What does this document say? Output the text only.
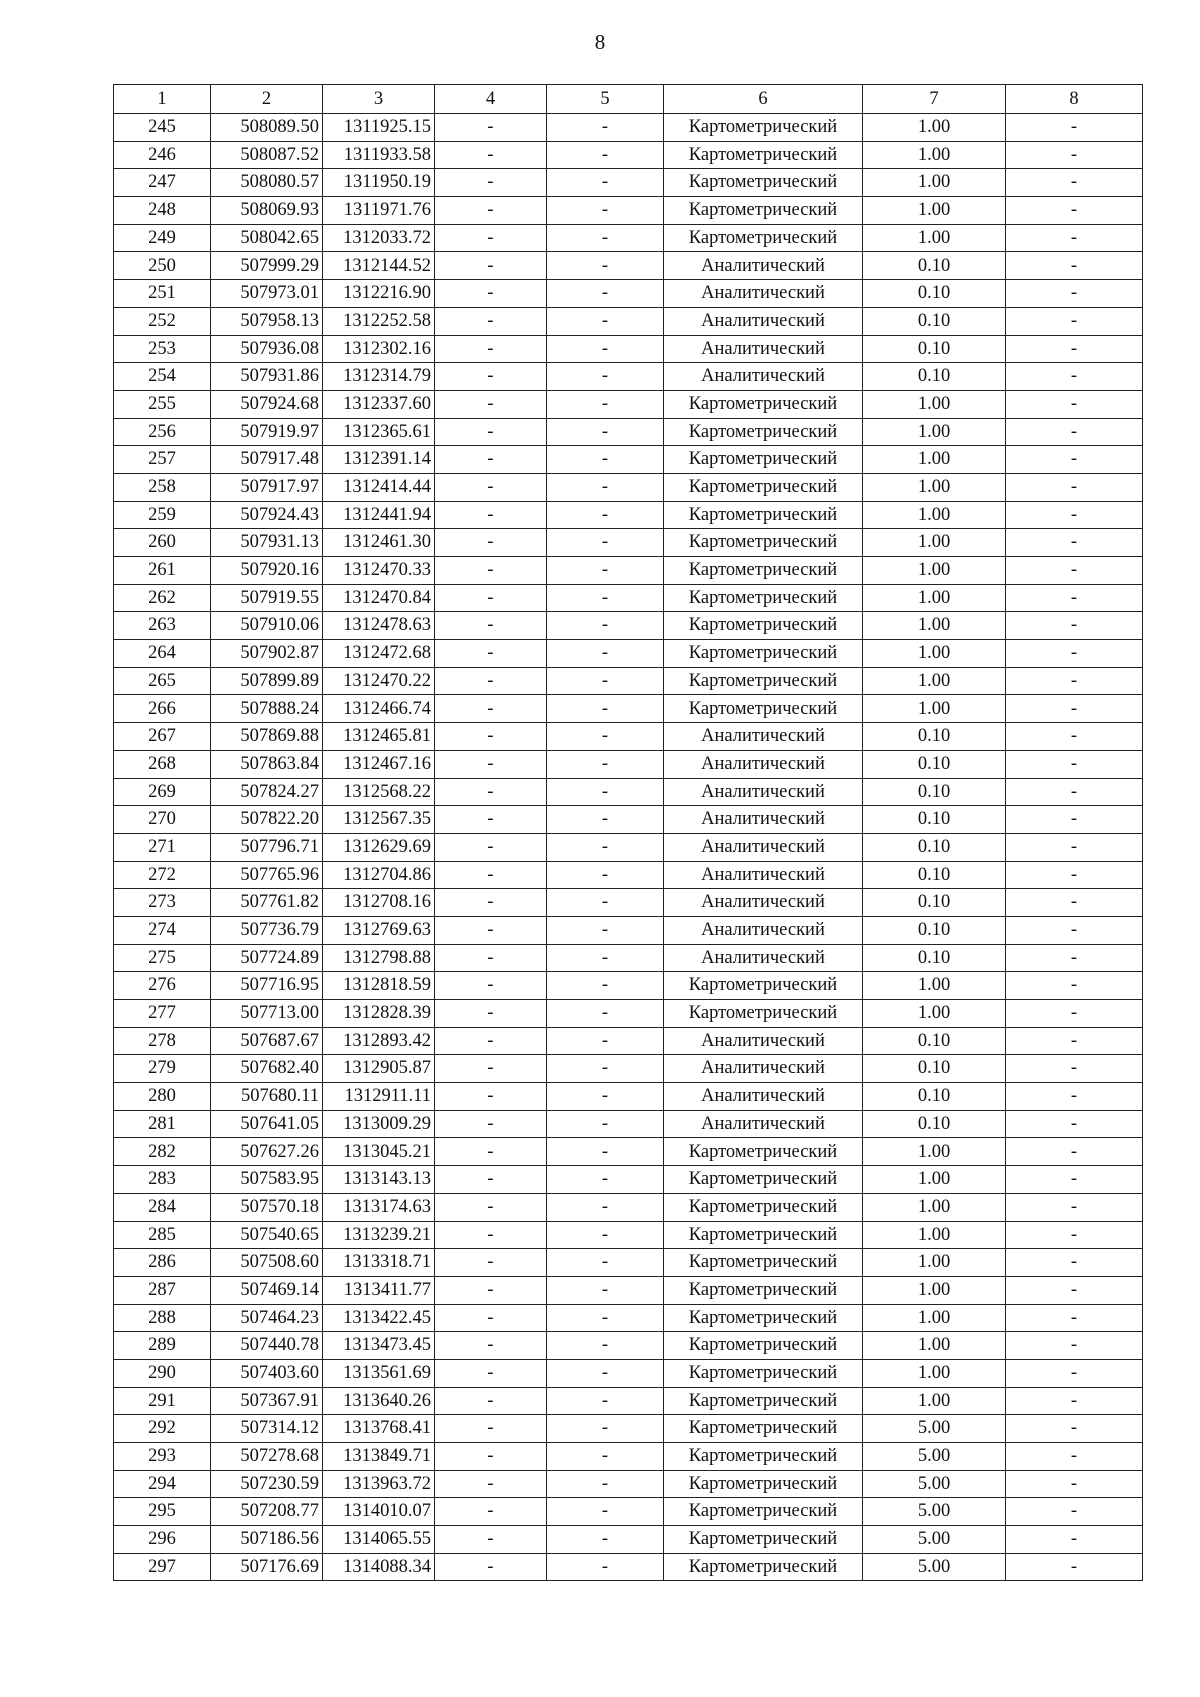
8
1	2	3	4	5	6	7	8
245	508089.50	1311925.15	-	-	Картометрический	1.00	-
246	508087.52	1311933.58	-	-	Картометрический	1.00	-
247	508080.57	1311950.19	-	-	Картометрический	1.00	-
248	508069.93	1311971.76	-	-	Картометрический	1.00	-
249	508042.65	1312033.72	-	-	Картометрический	1.00	-
250	507999.29	1312144.52	-	-	Аналитический	0.10	-
251	507973.01	1312216.90	-	-	Аналитический	0.10	-
252	507958.13	1312252.58	-	-	Аналитический	0.10	-
253	507936.08	1312302.16	-	-	Аналитический	0.10	-
254	507931.86	1312314.79	-	-	Аналитический	0.10	-
255	507924.68	1312337.60	-	-	Картометрический	1.00	-
256	507919.97	1312365.61	-	-	Картометрический	1.00	-
257	507917.48	1312391.14	-	-	Картометрический	1.00	-
258	507917.97	1312414.44	-	-	Картометрический	1.00	-
259	507924.43	1312441.94	-	-	Картометрический	1.00	-
260	507931.13	1312461.30	-	-	Картометрический	1.00	-
261	507920.16	1312470.33	-	-	Картометрический	1.00	-
262	507919.55	1312470.84	-	-	Картометрический	1.00	-
263	507910.06	1312478.63	-	-	Картометрический	1.00	-
264	507902.87	1312472.68	-	-	Картометрический	1.00	-
265	507899.89	1312470.22	-	-	Картометрический	1.00	-
266	507888.24	1312466.74	-	-	Картометрический	1.00	-
267	507869.88	1312465.81	-	-	Аналитический	0.10	-
268	507863.84	1312467.16	-	-	Аналитический	0.10	-
269	507824.27	1312568.22	-	-	Аналитический	0.10	-
270	507822.20	1312567.35	-	-	Аналитический	0.10	-
271	507796.71	1312629.69	-	-	Аналитический	0.10	-
272	507765.96	1312704.86	-	-	Аналитический	0.10	-
273	507761.82	1312708.16	-	-	Аналитический	0.10	-
274	507736.79	1312769.63	-	-	Аналитический	0.10	-
275	507724.89	1312798.88	-	-	Аналитический	0.10	-
276	507716.95	1312818.59	-	-	Картометрический	1.00	-
277	507713.00	1312828.39	-	-	Картометрический	1.00	-
278	507687.67	1312893.42	-	-	Аналитический	0.10	-
279	507682.40	1312905.87	-	-	Аналитический	0.10	-
280	507680.11	1312911.11	-	-	Аналитический	0.10	-
281	507641.05	1313009.29	-	-	Аналитический	0.10	-
282	507627.26	1313045.21	-	-	Картометрический	1.00	-
283	507583.95	1313143.13	-	-	Картометрический	1.00	-
284	507570.18	1313174.63	-	-	Картометрический	1.00	-
285	507540.65	1313239.21	-	-	Картометрический	1.00	-
286	507508.60	1313318.71	-	-	Картометрический	1.00	-
287	507469.14	1313411.77	-	-	Картометрический	1.00	-
288	507464.23	1313422.45	-	-	Картометрический	1.00	-
289	507440.78	1313473.45	-	-	Картометрический	1.00	-
290	507403.60	1313561.69	-	-	Картометрический	1.00	-
291	507367.91	1313640.26	-	-	Картометрический	1.00	-
292	507314.12	1313768.41	-	-	Картометрический	5.00	-
293	507278.68	1313849.71	-	-	Картометрический	5.00	-
294	507230.59	1313963.72	-	-	Картометрический	5.00	-
295	507208.77	1314010.07	-	-	Картометрический	5.00	-
296	507186.56	1314065.55	-	-	Картометрический	5.00	-
297	507176.69	1314088.34	-	-	Картометрический	5.00	-
